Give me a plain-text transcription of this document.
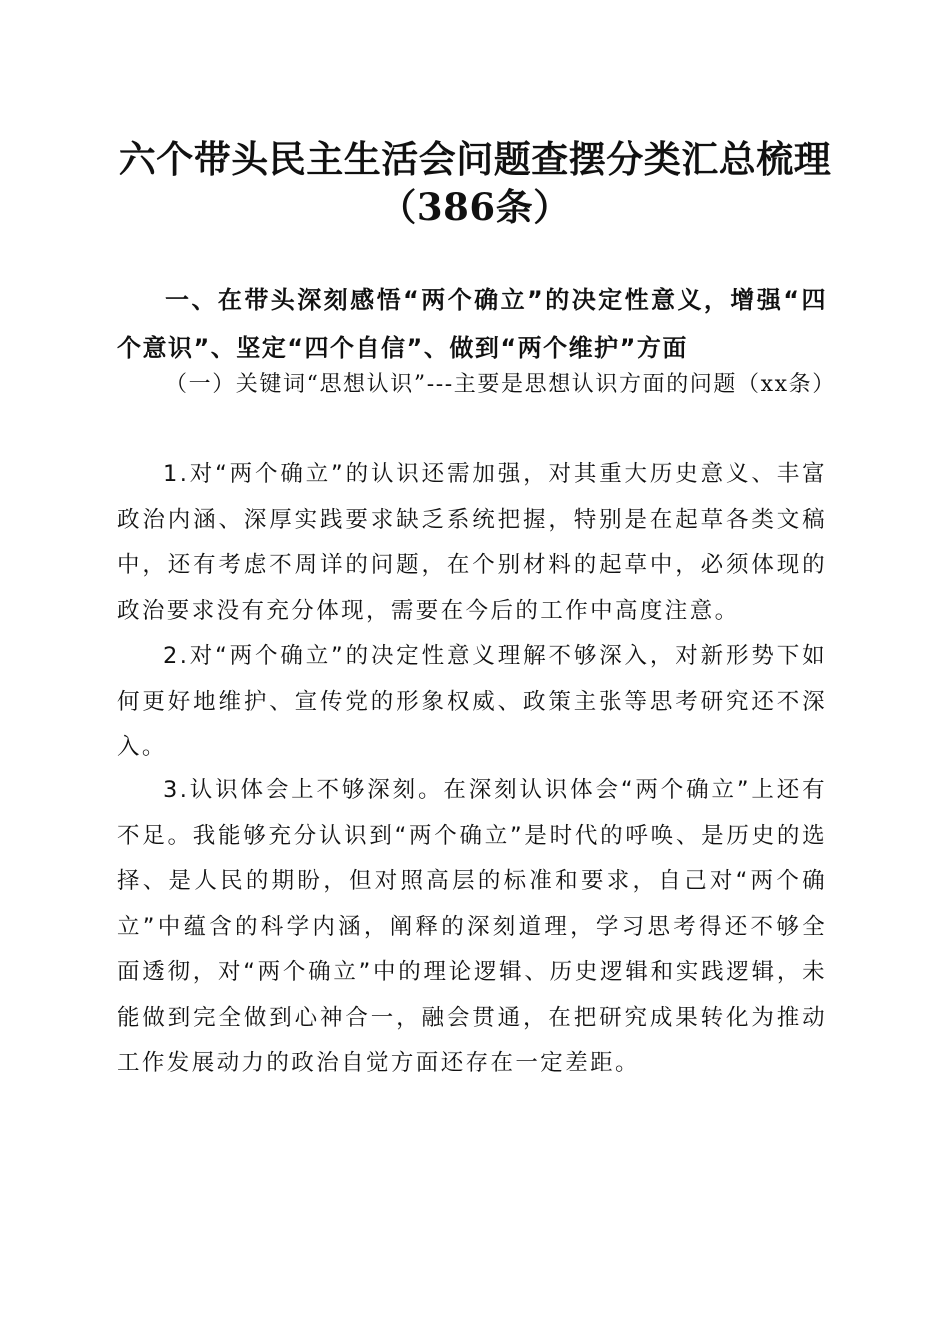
六个带头民主生活会问题查摆分类汇总梳理
（386条）

一、在带头深刻感悟“两个确立”的决定性意义，增强“四个意识”、坚定“四个自信”、做到“两个维护”方面

（一）关键词“思想认识”---主要是思想认识方面的问题（xx条）

1.对“两个确立”的认识还需加强，对其重大历史意义、丰富政治内涵、深厚实践要求缺乏系统把握，特别是在起草各类文稿中，还有考虑不周详的问题，在个别材料的起草中，必须体现的政治要求没有充分体现，需要在今后的工作中高度注意。

2.对“两个确立”的决定性意义理解不够深入，对新形势下如何更好地维护、宣传党的形象权威、政策主张等思考研究还不深入。

3.认识体会上不够深刻。在深刻认识体会“两个确立”上还有不足。我能够充分认识到“两个确立”是时代的呼唤、是历史的选择、是人民的期盼，但对照高层的标准和要求，自己对“两个确立”中蕴含的科学内涵，阐释的深刻道理，学习思考得还不够全面透彻，对“两个确立”中的理论逻辑、历史逻辑和实践逻辑，未能做到完全做到心神合一，融会贯通，在把研究成果转化为推动工作发展动力的政治自觉方面还存在一定差距。
